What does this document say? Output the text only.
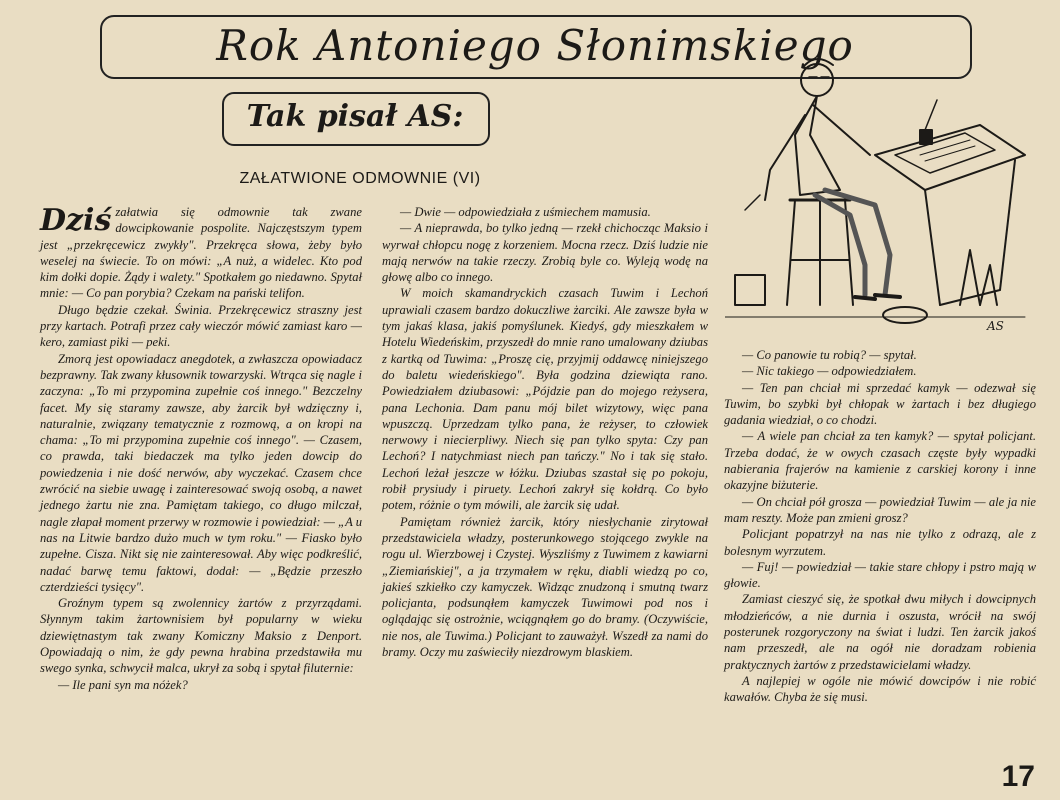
Rok Antoniego Słonimskiego
Tak pisał AS:
ZAŁATWIONE ODMOWNIE (VI)
Dziś załatwia się odmownie tak zwane dowcipkowanie pospolite. Najczęstszym typem jest „przekręcewicz zwykły". Przekręca słowa, żeby było weselej na świecie. To on mówi: „A nuż, a widelec. Kto pod kim dołki dopie. Żądy i walety." Spotkałem go niedawno. Spytał mnie: — Co pan porybia? Czekam na pański telifon.

Długo będzie czekał. Świnia. Przekręcewicz straszny jest przy kartach. Potrafi przez cały wieczór mówić zamiast karo — kero, zamiast piki — peki.

Zmorą jest opowiadacz anegdotek, a zwłaszcza opowiadacz bezprawny. Tak zwany kłusownik towarzyski. Wtrąca się nagle i zaczyna: „To mi przypomina zupełnie coś innego." Bezczelny facet. My się staramy zawsze, aby żarcik był wdzięczny i, naturalnie, związany tematycznie z rozmową, a on kropi na chama: „To mi przypomina zupełnie coś innego". — Czasem, co prawda, taki biedaczek ma tylko jeden dowcip do powiedzenia i nie dość nerwów, aby wyczekać. Czasem chce zwrócić na siebie uwagę i zainteresować swoją osobą, a nawet jednego żartu nie zna. Pamiętam takiego, co długo milczał, nagle złapał moment przerwy w rozmowie i powiedział: — „A u nas na Litwie bardzo dużo much w tym roku." — Fiasko było zupełne. Cisza. Nikt się nie zainteresował. Aby więc podkreślić, nadać barwę temu faktowi, dodał: — „Będzie przeszło czterdzieści tysięcy".

Groźnym typem są zwolennicy żartów z przyrządami. Słynnym takim żartownisiem był popularny w wieku dziewiętnastym tak zwany Komiczny Maksio z Denport. Opowiadają o nim, że gdy pewna hrabina przedstawiła mu swego synka, schwycił malca, ukrył za sobą i spytał filuternie:

— Ile pani syn ma nóżek?

— Dwie — odpowiedziała z uśmiechem mamusia.

— A nieprawda, bo tylko jedną — rzekł chichocząc Maksio i wyrwał chłopcu nogę z korzeniem. Mocna rzecz. Dziś ludzie nie mają nerwów na takie rzeczy. Zrobią byle co. Wyleją wodę na głowę albo co innego.

W moich skamandryckich czasach Tuwim i Lechoń uprawiali czasem bardzo dokuczliwe żarciki. Ale zawsze była w tym jakaś klasa, jakiś pomyślunek. Kiedyś, gdy mieszkałem w Hotelu Wiedeńskim, przyszedł do mnie rano umalowany dziubas z kartką od Tuwima: „Proszę cię, przyjmij oddawcę niniejszego do baletu wiedeńskiego". Była godzina dziewiąta rano. Powiedziałem dziubasowi: „Pójdzie pan do mojego reżysera, pana Lechonia. Dam panu mój bilet wizytowy, więc pana wpuszczą. Uprzedzam tylko pana, że reżyser, to człowiek nerwowy i niecierpliwy. Niech się pan tylko spyta: Czy pan Lechoń? I natychmiast niech pan tańczy." No i tak się stało. Lechoń leżał jeszcze w łóżku. Dziubas szastał się po pokoju, robił prysiudy i piruety. Lechoń zakrył się kołdrą. Co było potem, różnie o tym mówili, ale żarcik się udał.

Pamiętam również żarcik, który niesłychanie zirytował przedstawiciela władzy, posterunkowego stojącego zwykle na rogu ul. Wierzbowej i Czystej. Wyszliśmy z Tuwimem z kawiarni „Ziemiańskiej", a ja trzymałem w ręku, diabli wiedzą po co, jakieś szkiełko czy kamyczek. Widząc znudzoną i smutną twarz policjanta, podsunąłem kamyczek Tuwimowi pod nos i oglądając się ostrożnie, wciągnąłem go do bramy. (Oczywiście, nie nos, ale Tuwima.) Policjant to zauważył. Wszedł za nami do bramy. Oczy mu zaświeciły niezdrowym blaskiem.

AS

— Co panowie tu robią? — spytał.

— Nic takiego — odpowiedziałem.

— Ten pan chciał mi sprzedać kamyk — odezwał się Tuwim, bo szybki był chłopak w żartach i bez długiego gadania wiedział, o co chodzi.

— A wiele pan chciał za ten kamyk? — spytał policjant. Trzeba dodać, że w owych czasach częste były wypadki nabierania frajerów na kamienie z carskiej korony i inne okazyjne biżuterie.

— On chciał pół grosza — powiedział Tuwim — ale ja nie mam reszty. Może pan zmieni grosz?

Policjant popatrzył na nas nie tylko z odrazą, ale z bolesnym wyrzutem.

— Fuj! — powiedział — takie stare chłopy i pstro mają w głowie.

Zamiast cieszyć się, że spotkał dwu miłych i dowcipnych młodzieńców, a nie durnia i oszusta, wrócił na swój posterunek rozgoryczony na świat i ludzi. Ten żarcik jakoś nam przeszedł, ale na ogół nie doradzam robienia praktycznych żartów z przedstawicielami władzy.

A najlepiej w ogóle nie mówić dowcipów i nie robić kawałów. Chyba że się musi.

17
